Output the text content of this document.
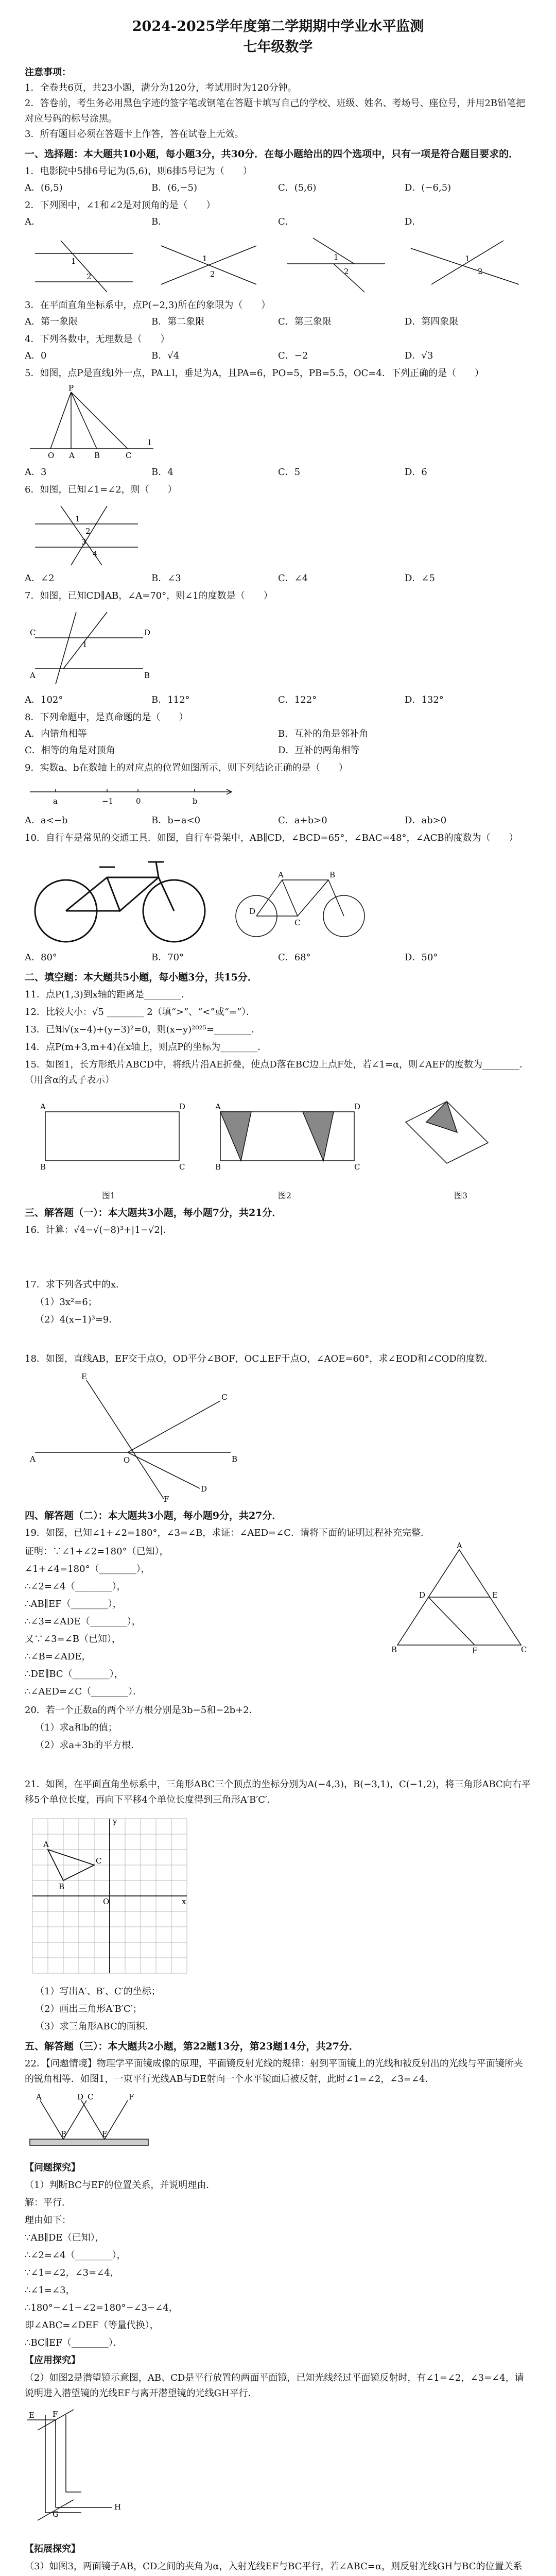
2024-2025学年度第二学期期中学业水平监测
七年级数学

注意事项：

1．全卷共6页，共23小题，满分为120分，考试用时为120分钟。

2．答卷前，考生务必用黑色字迹的签字笔或钢笔在答题卡填写自己的学校、班级、姓名、考场号、座位号，并用2B铅笔把对应号码的标号涂黑。

3．所有题目必须在答题卡上作答，答在试卷上无效。

一、选择题：本大题共10小题，每小题3分，共30分．在每小题给出的四个选项中，只有一项是符合题目要求的．

1．电影院中5排6号记为(5,6)，则6排5号记为（　　）

A．(6,5)	B．(6,−5)	C．(5,6)	D．(−6,5)

2．下列图中，∠1和∠2是对顶角的是（　　）

A．	B．	C．	D．
1
2
1
2
1
2
1
2

3．在平面直角坐标系中，点P(−2,3)所在的象限为（　　）

A．第一象限	B．第二象限	C．第三象限	D．第四象限

4．下列各数中，无理数是（　　）

A．0	B．√4	C．−2	D．√3

5．如图，点P是直线l外一点，PA⊥l，垂足为A，且PA=6，PO=5，PB=5.5，OC=4．下列正确的是（　　）

P
A
O	B	C
l
A．3	B．4	C．5	D．6

6．如图，已知∠1=∠2，则（　　）

1
2
3
4
A．∠2	B．∠3	C．∠4	D．∠5

7．如图，已知CD∥AB，∠A=70°，则∠1的度数是（　　）

C	D
A	B
1
A．102°	B．112°	C．122°	D．132°

8．下列命题中，是真命题的是（　　）

A．内错角相等	B．互补的角是邻补角
C．相等的角是对顶角	D．互补的两角相等

9．实数a、b在数轴上的对应点的位置如图所示，则下列结论正确的是（　　）

a	−1	0	b
A．a<−b	B．b−a<0	C．a+b>0	D．ab>0

10．自行车是常见的交通工具．如图，自行车骨架中，AB∥CD，∠BCD=65°，∠BAC=48°，∠ACB的度数为（　　）

A	B
C
D
A．80°	B．70°	C．68°	D．50°

二、填空题：本大题共5小题，每小题3分，共15分．

11．点P(1,3)到x轴的距离是________．

12．比较大小：√5 ________ 2（填“>”、“<”或“=”）．

13．已知√(x−4)+(y−3)²=0，则(x−y)²⁰²⁵=________．

14．点P(m+3,m+4)在x轴上，则点P的坐标为________．

15．如图1，长方形纸片ABCD中，将纸片沿AE折叠，使点D落在BC边上点F处，若∠1=α，则∠AEF的度数为________．（用含α的式子表示）

A	D
B	C
A	D
B	C
图1	图2	图3

三、解答题（一）：本大题共3小题，每小题7分，共21分．

16．计算：√4−√(−8)³+|1−√2|．

17．求下列各式中的x．

（1）3x²=6；

（2）4(x−1)³=9．

18．如图，直线AB，EF交于点O，OD平分∠BOF，OC⊥EF于点O，∠AOE=60°，求∠EOD和∠COD的度数．

A	B
E
F
O
C
D

四、解答题（二）：本大题共3小题，每小题9分，共27分．

19．如图，已知∠1+∠2=180°，∠3=∠B，求证：∠AED=∠C．请将下面的证明过程补充完整．

证明：∵∠1+∠2=180°（已知），

∠1+∠4=180°（________），

∴∠2=∠4（________），

∴AB∥EF（________），

∴∠3=∠ADE（________），

又∵∠3=∠B（已知），

∴∠B=∠ADE，

∴DE∥BC（________），

∴∠AED=∠C（________）．

A
B	C
D	E
F

20．若一个正数a的两个平方根分别是3b−5和−2b+2．

（1）求a和b的值；

（2）求a+3b的平方根．

21．如图，在平面直角坐标系中，三角形ABC三个顶点的坐标分别为A(−4,3)，B(−3,1)，C(−1,2)，将三角形ABC向右平移5个单位长度，再向下平移4个单位长度得到三角形A′B′C′．

A
B
C
O	x
y

（1）写出A′、B′、C′的坐标；

（2）画出三角形A′B′C′；

（3）求三角形ABC的面积．

五、解答题（三）：本大题共2小题，第22题13分，第23题14分，共27分．

22．【问题情境】物理学平面镜成像的原理，平面镜反射光线的规律：射到平面镜上的光线和被反射出的光线与平面镜所夹的锐角相等．如图1，一束平行光线AB与DE射向一个水平镜面后被反射，此时∠1=∠2，∠3=∠4．

A
B
C
D
E
F

【问题探究】

（1）判断BC与EF的位置关系，并说明理由．

解：平行．

理由如下：

∵AB∥DE（已知），

∴∠2=∠4（________），

∵∠1=∠2，∠3=∠4，

∴∠1=∠3，

∴180°−∠1−∠2=180°−∠3−∠4，

即∠ABC=∠DEF（等量代换），

∴BC∥EF（________）．

【应用探究】

（2）如图2是潜望镜示意图，AB、CD是平行放置的两面平面镜，已知光线经过平面镜反射时，有∠1=∠2，∠3=∠4，请说明进入潜望镜的光线EF与离开潜望镜的光线GH平行．

E F
H
G

【拓展探究】

（3）如图3，两面镜子AB，CD之间的夹角为α，入射光线EF与BC平行，若∠ABC=α，则反射光线GH与BC的位置关系
